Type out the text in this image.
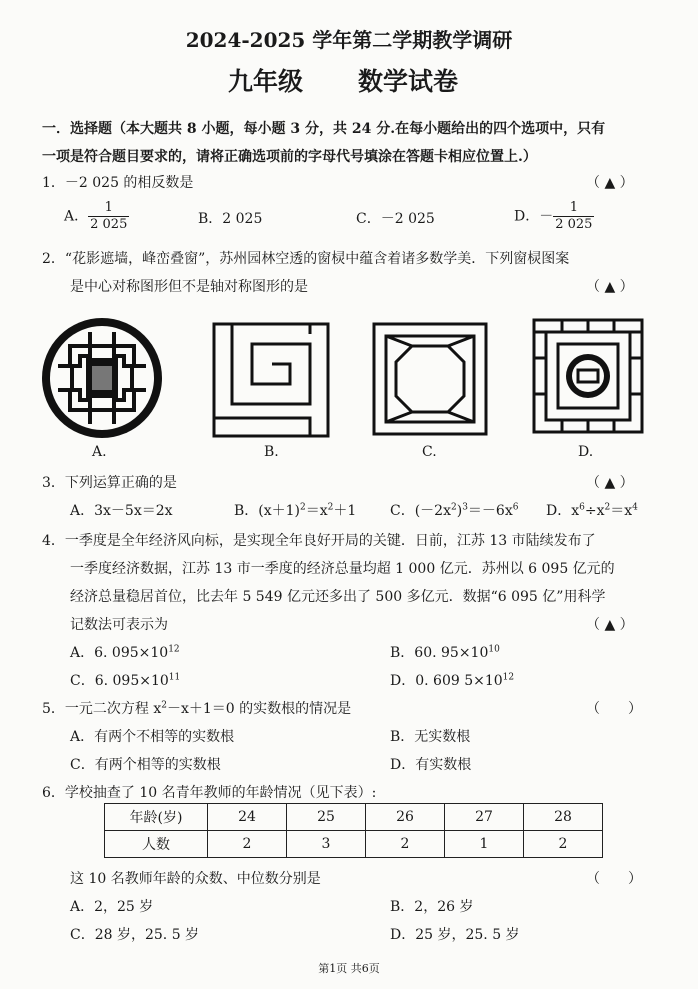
2024-2025 学年第二学期教学调研
九年级 数学试卷
一．选择题（本大题共 8 小题，每小题 3 分，共 24 分.在每小题给出的四个选项中，只有
一项是符合题目要求的，请将正确选项前的字母代号填涂在答题卡相应位置上.）
1．－2 025 的相反数是	（ ▲ ）
A． $\frac{1}{2 025}$	B．2 025	C．－2 025	D．－ $\frac{1}{2 025}$
2．“花影遮墙，峰峦叠窗”，苏州园林空透的窗棂中蕴含着诸多数学美．下列窗棂图案
是中心对称图形但不是轴对称图形的是	（ ▲ ）
A.	B.	C.	D.
3．下列运算正确的是	（ ▲ ）
A．3x－5x＝2x	B．$(x+1)^2=x^2+1$ C．$(-2x^2)^3=-6x^6$ D．$x^6\div x^2=x^4$
4．一季度是全年经济风向标，是实现全年良好开局的关键．日前，江苏 13 市陆续发布了
一季度经济数据，江苏 13 市一季度的经济总量均超 1 000 亿元．苏州以 6 095 亿元的
经济总量稳居首位，比去年 5 549 亿元还多出了 500 多亿元．数据“6 095 亿”用科学
记数法可表示为	（ ▲ ）
A．6. $095\times 10^{12}$	B．60. $95\times 10^{10}$
C．6. $095\times 10^{11}$	D．0. 609 $5\times 10^{12}$
5．一元二次方程 $x^2-x+1=0$ 的实数根的情况是	（　　）
A．有两个不相等的实数根	B．无实数根
C．有两个相等的实数根	D．有实数根
6．学校抽查了 10 名青年教师的年龄情况（见下表）:
年龄(岁)	24	25	26	27	28
人数	2	3	2	1	2
这 10 名教师年龄的众数、中位数分别是	（　　）
A．2，25 岁	B．2，26 岁
C．28 岁，25. 5 岁	D．25 岁，25. 5 岁
第1页 共6页
